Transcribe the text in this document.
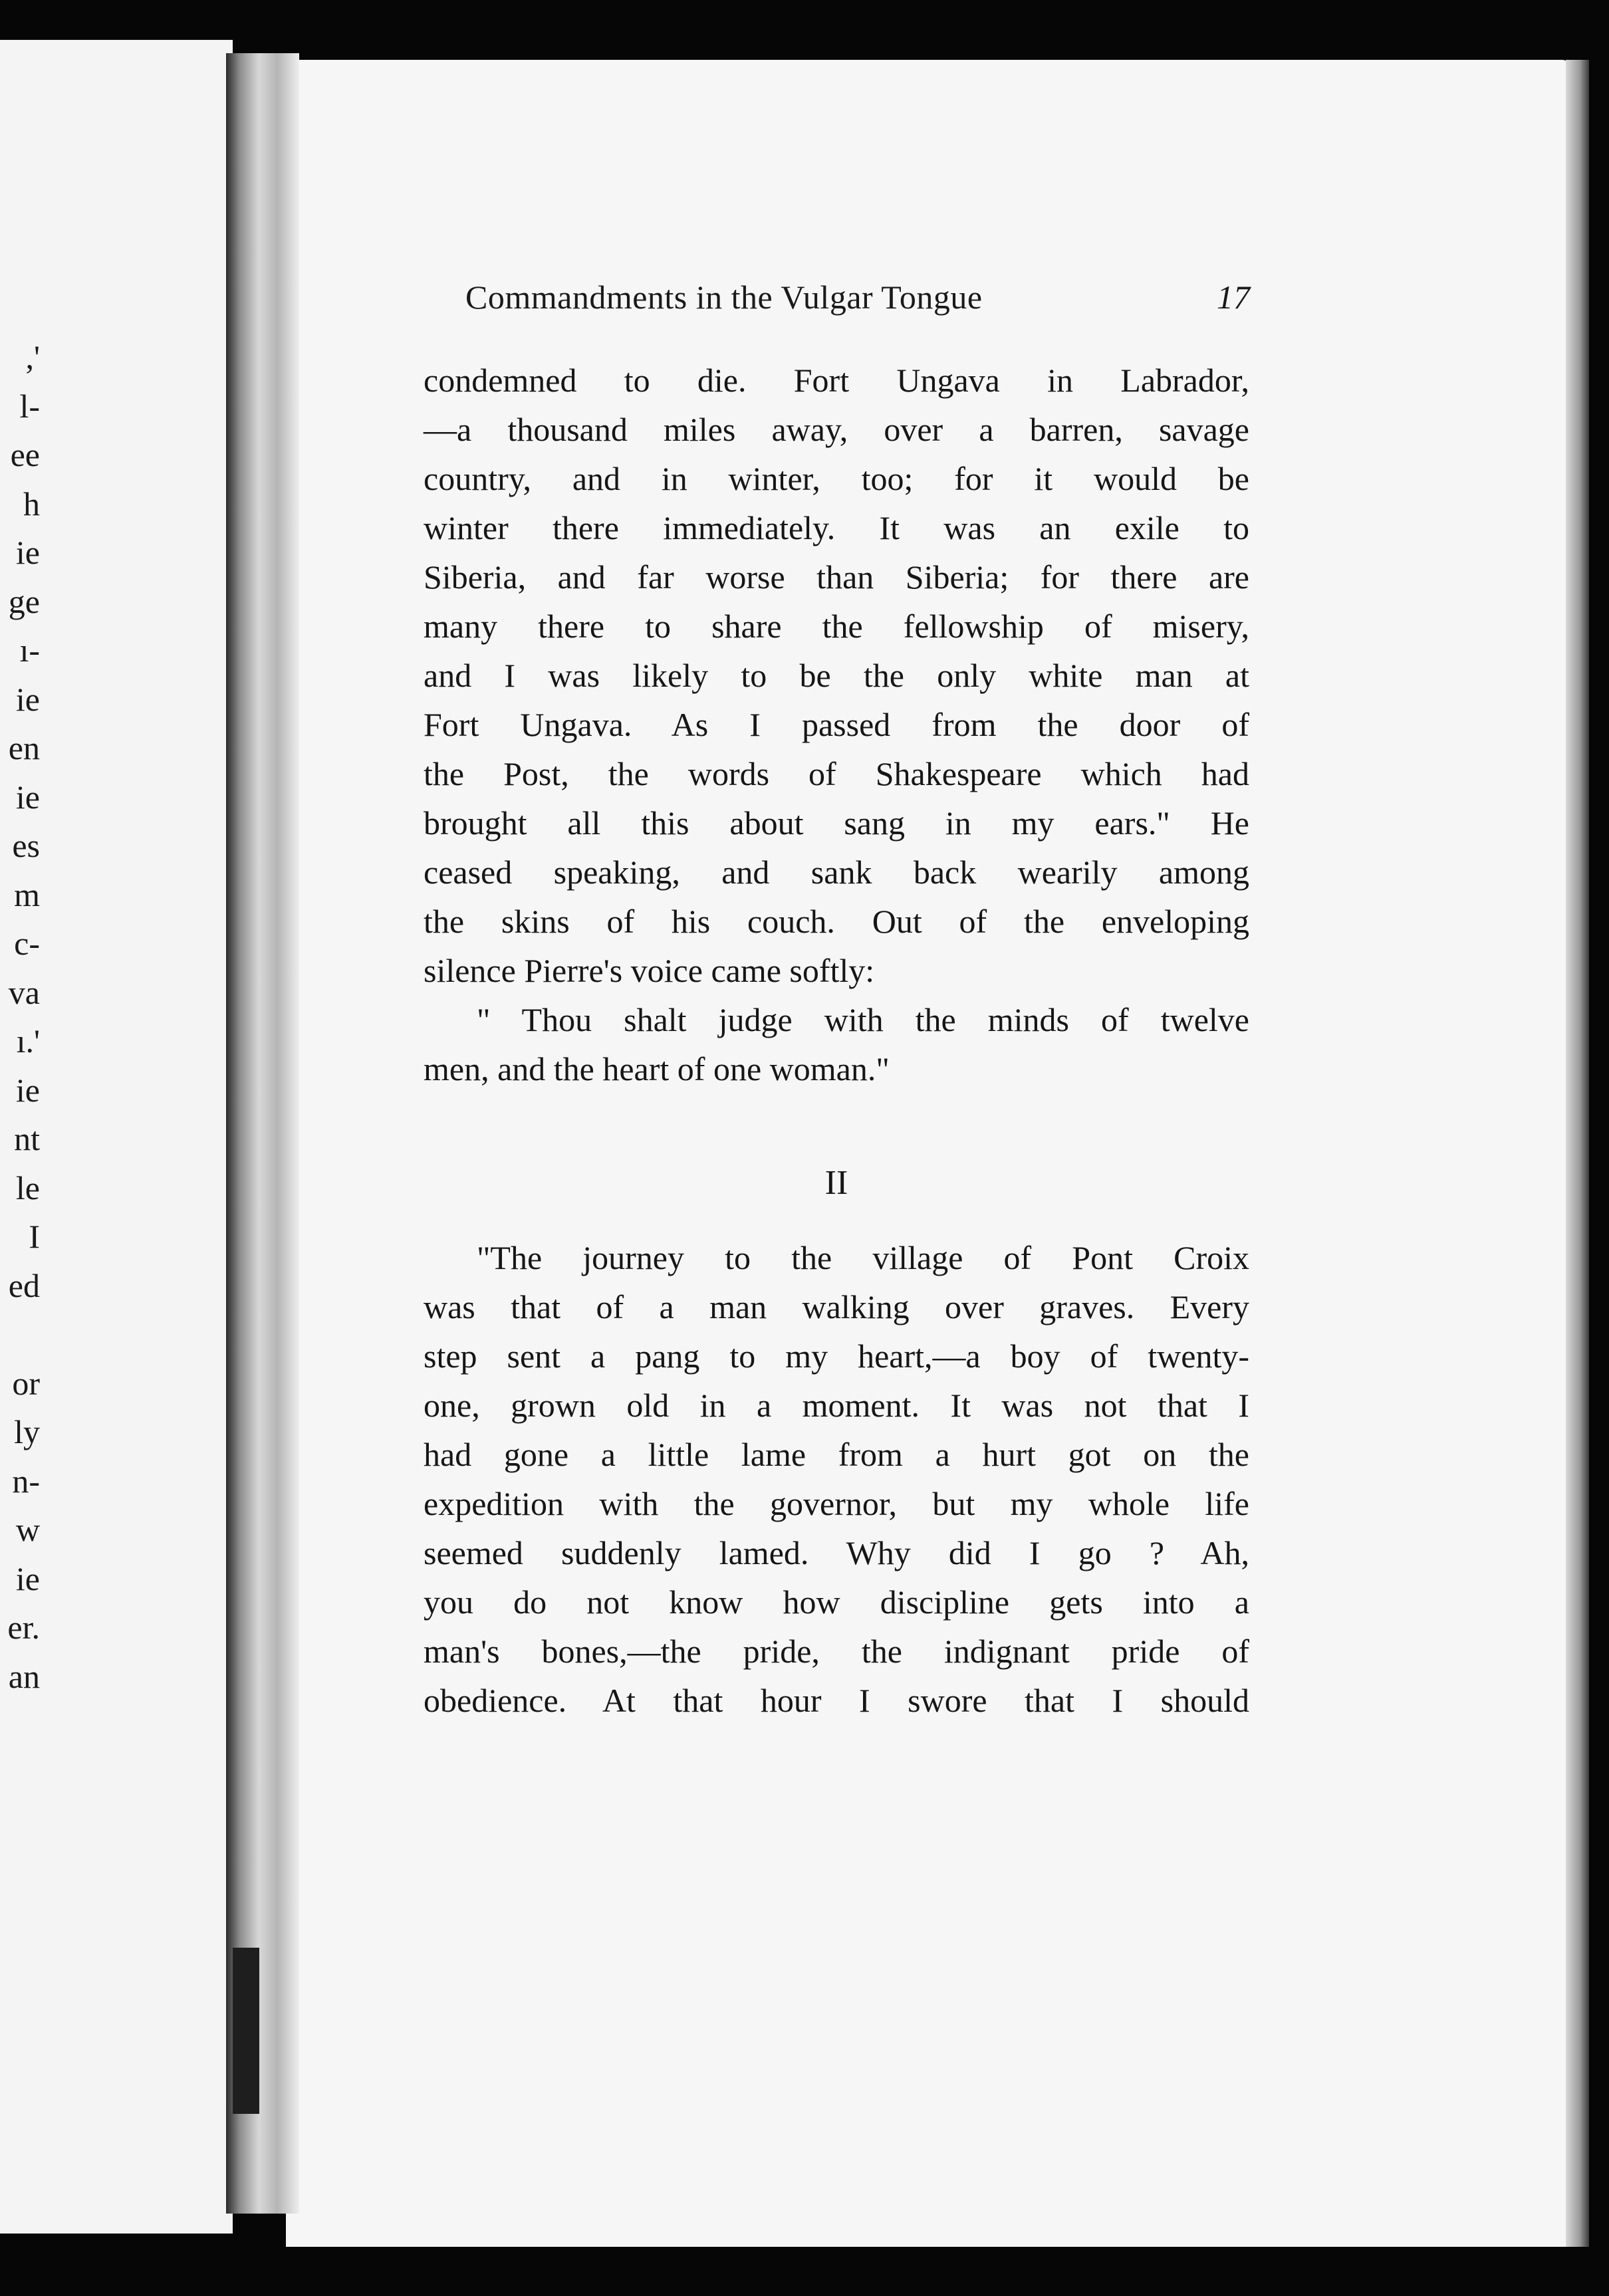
,'
l-
ee
h
ie
ge
ı-
ie
en
ie
es
m
c-
va
ı.'
ie
nt
le
I
ed
or
ly
n-
w
ie
er.
an
Commandments in the Vulgar Tongue	17
condemned to die. Fort Ungava in Labrador,
—a thousand miles away, over a barren, savage
country, and in winter, too; for it would be
winter there immediately. It was an exile to
Siberia, and far worse than Siberia; for there are
many there to share the fellowship of misery,
and I was likely to be the only white man at
Fort Ungava. As I passed from the door of
the Post, the words of Shakespeare which had
brought all this about sang in my ears." He
ceased speaking, and sank back wearily among
the skins of his couch. Out of the enveloping
silence Pierre's voice came softly:
" Thou shalt judge with the minds of twelve
men, and the heart of one woman."
II
"The journey to the village of Pont Croix
was that of a man walking over graves. Every
step sent a pang to my heart,—a boy of twenty-
one, grown old in a moment. It was not that I
had gone a little lame from a hurt got on the
expedition with the governor, but my whole life
seemed suddenly lamed. Why did I go ? Ah,
you do not know how discipline gets into a
man's bones,—the pride, the indignant pride of
obedience. At that hour I swore that I should
